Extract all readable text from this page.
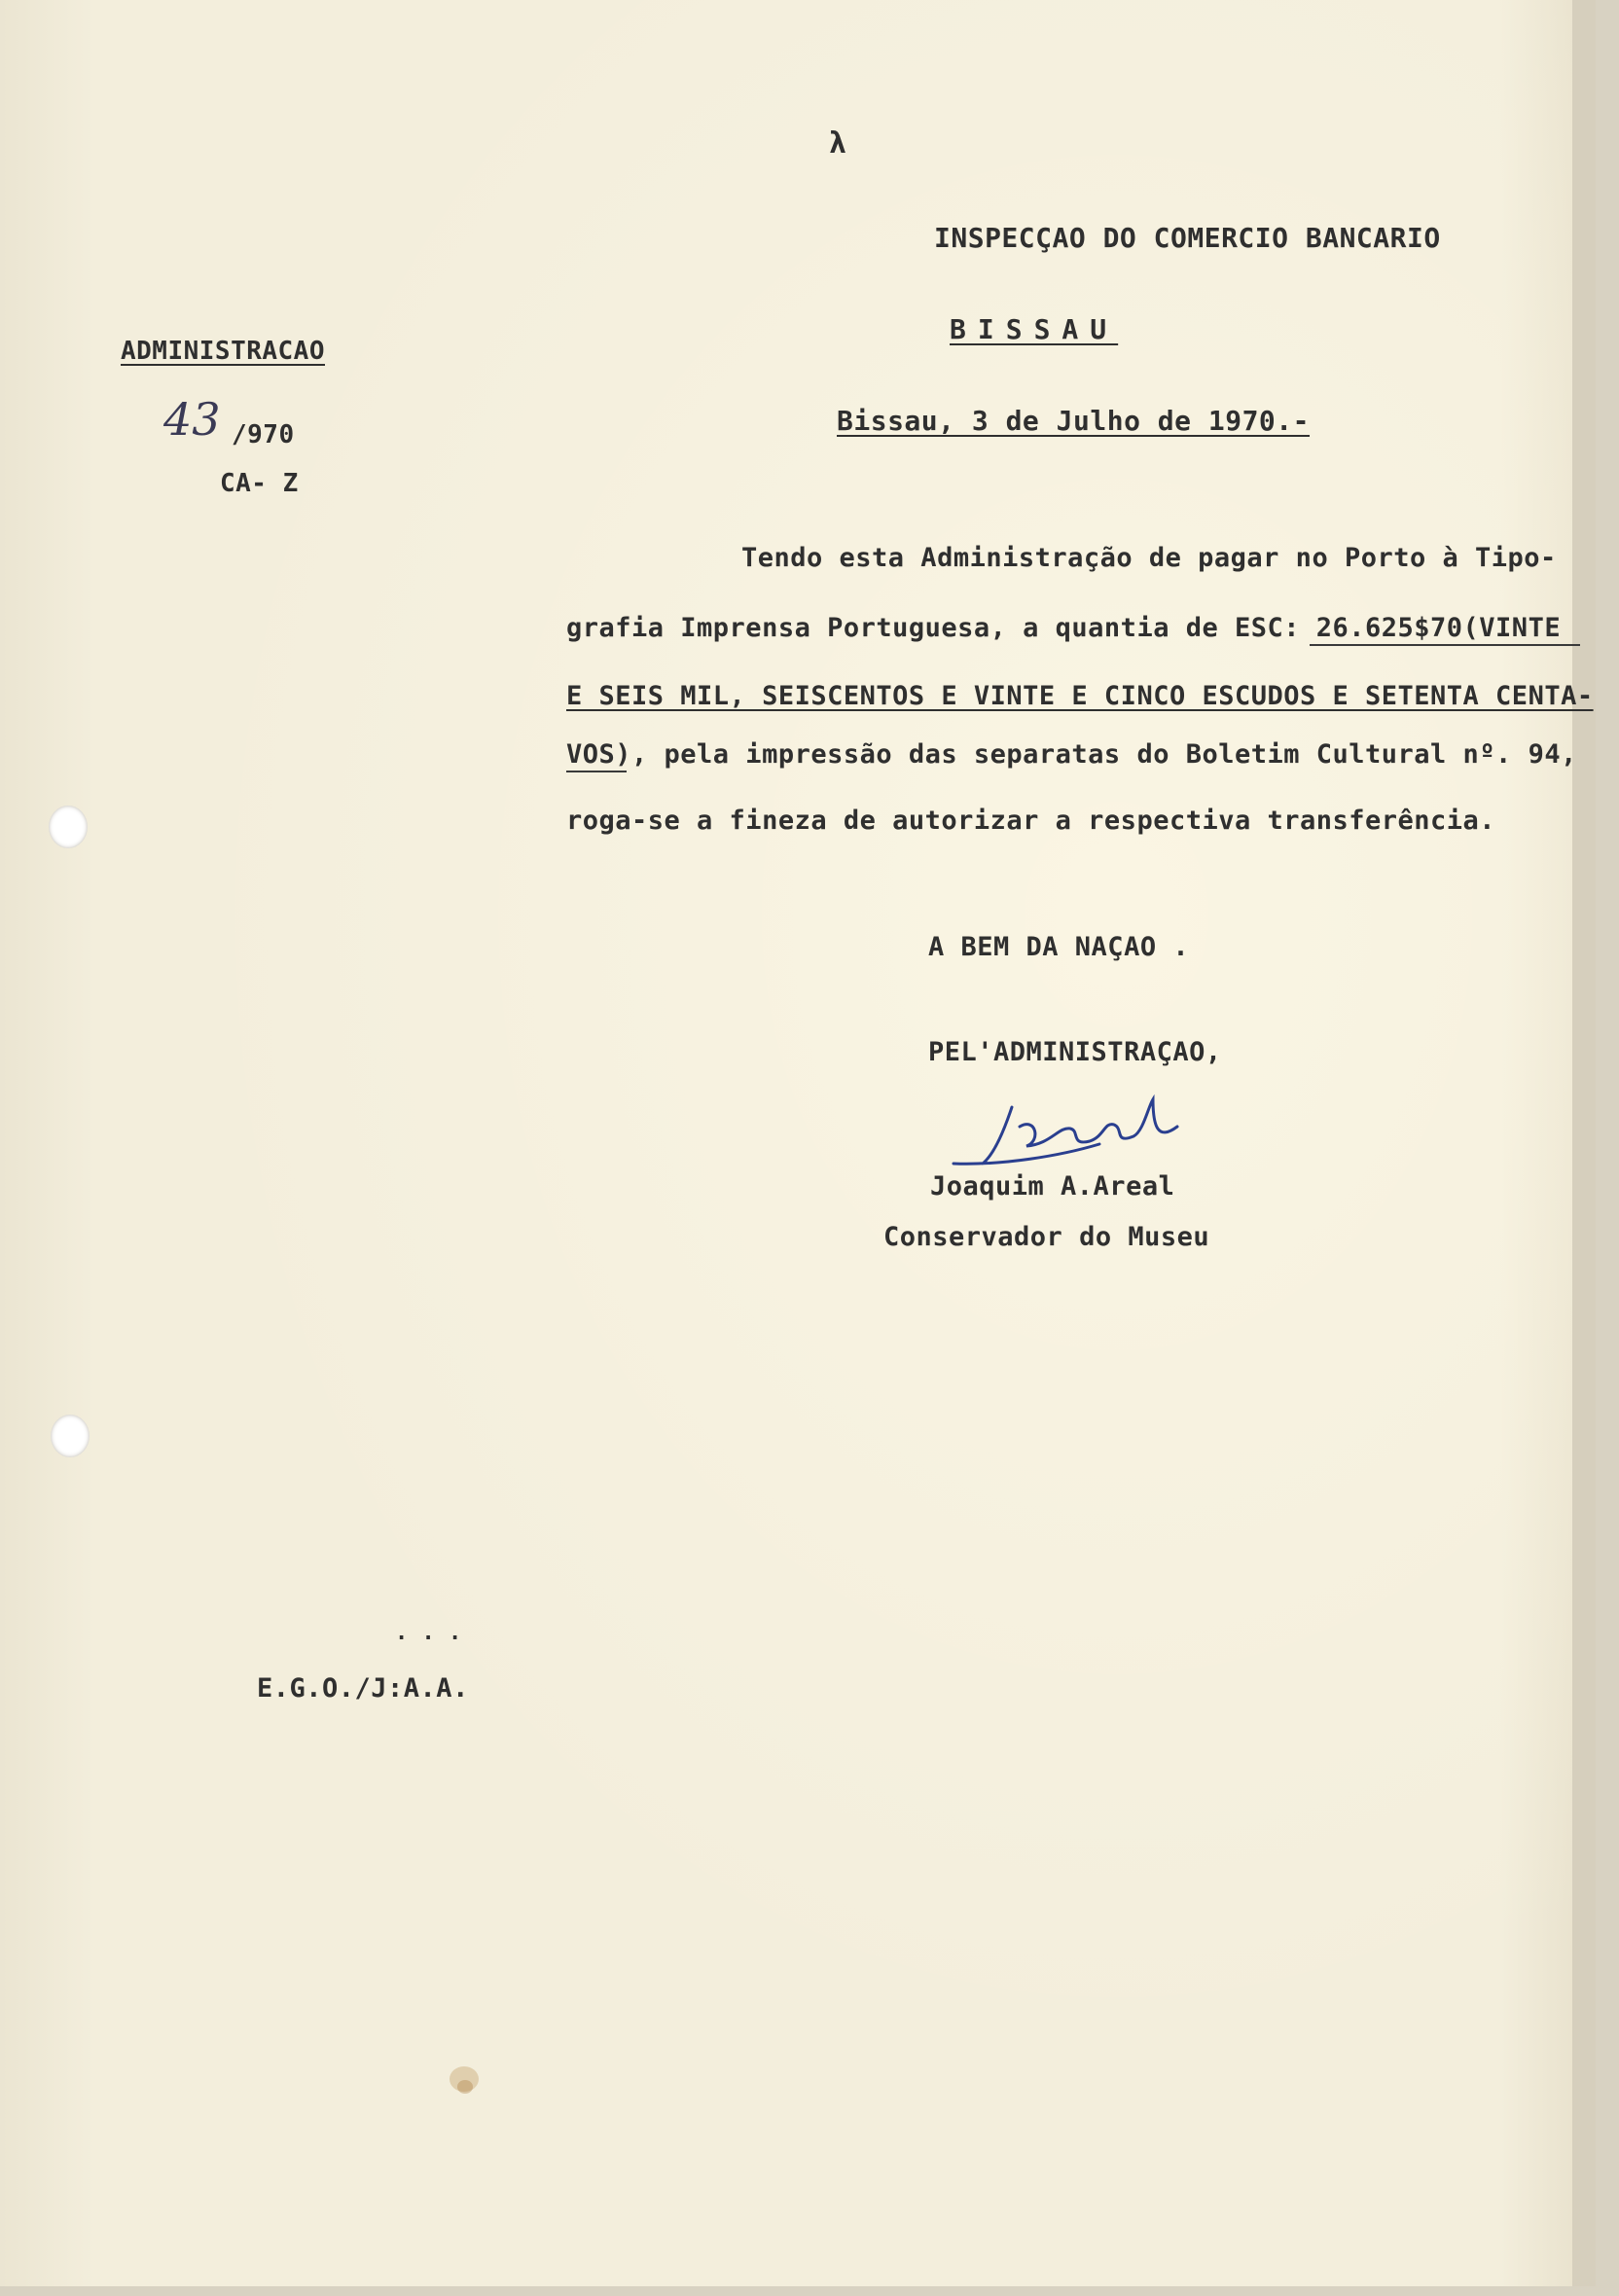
λ
INSPECÇAO DO COMERCIO BANCARIO
BISSAU
Bissau, 3 de Julho de 1970.-
ADMINISTRACAO
43 /970
CA- Z
Tendo esta Administração de pagar no Porto à Tipo-
grafia Imprensa Portuguesa, a quantia de ESC: 26.625$70(VINTE
E SEIS MIL, SEISCENTOS E VINTE E CINCO ESCUDOS E SETENTA CENTA-
VOS), pela impressão das separatas do Boletim Cultural nº. 94,
roga-se a fineza de autorizar a respectiva transferência.
A BEM DA NAÇAO .
PEL'ADMINISTRAÇAO,
Joaquim A.Areal
Conservador do Museu
. . .
E.G.O./J:A.A.
